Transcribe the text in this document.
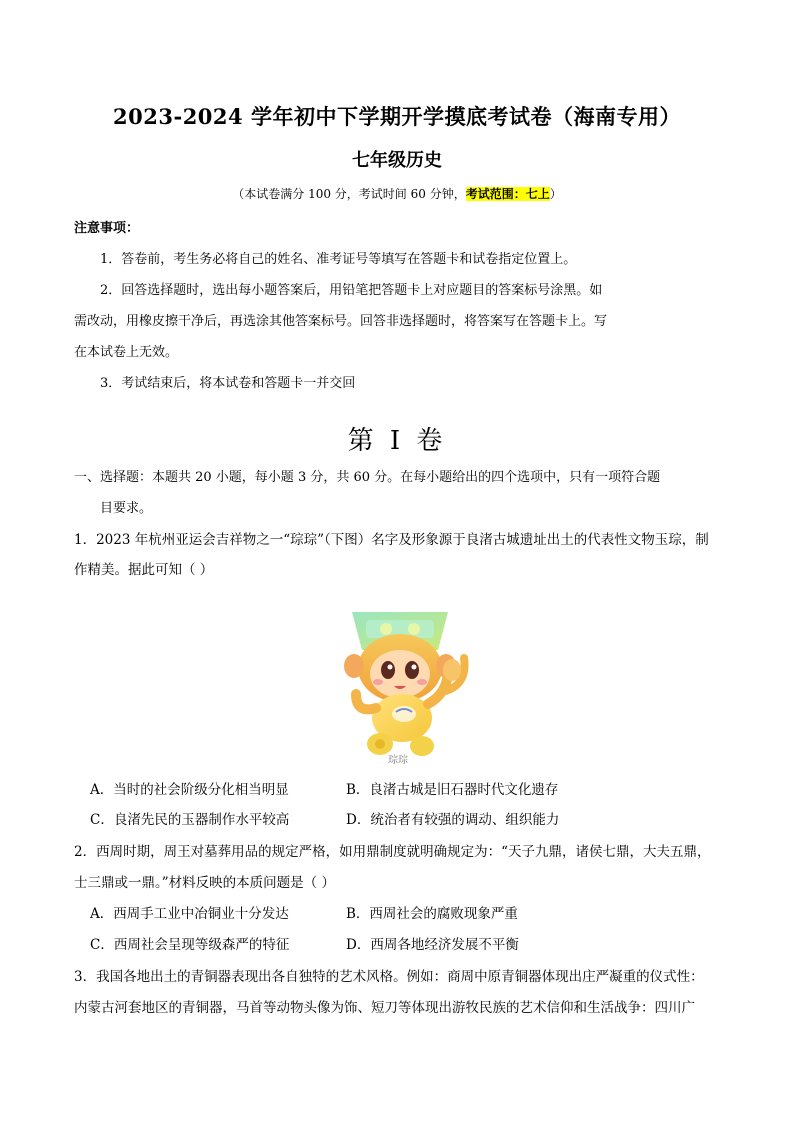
2023-2024 学年初中下学期开学摸底考试卷（海南专用）
七年级历史
（本试卷满分 100 分，考试时间 60 分钟，考试范围：七上）
注意事项：
1．答卷前，考生务必将自己的姓名、准考证号等填写在答题卡和试卷指定位置上。
2．回答选择题时，选出每小题答案后，用铅笔把答题卡上对应题目的答案标号涂黑。如
需改动，用橡皮擦干净后，再选涂其他答案标号。回答非选择题时，将答案写在答题卡上。写
在本试卷上无效。
3．考试结束后，将本试卷和答题卡一并交回
第 I 卷
一、选择题：本题共 20 小题，每小题 3 分，共 60 分。在每小题给出的四个选项中，只有一项符合题
目要求。
1．2023 年杭州亚运会吉祥物之一“琮琮”（下图）名字及形象源于良渚古城遗址出土的代表性文物玉琮，制
作精美。据此可知（ ）
琮琮
A．当时的社会阶级分化相当明显	B．良渚古城是旧石器时代文化遗存
C．良渚先民的玉器制作水平较高	D．统治者有较强的调动、组织能力
2．西周时期，周王对墓葬用品的规定严格，如用鼎制度就明确规定为：“天子九鼎，诸侯七鼎，大夫五鼎，
士三鼎或一鼎。”材料反映的本质问题是（ ）
A．西周手工业中冶铜业十分发达	B．西周社会的腐败现象严重
C．西周社会呈现等级森严的特征	D．西周各地经济发展不平衡
3．我国各地出土的青铜器表现出各自独特的艺术风格。例如：商周中原青铜器体现出庄严凝重的仪式性：
内蒙古河套地区的青铜器，马首等动物头像为饰、短刀等体现出游牧民族的艺术信仰和生活战争：四川广
